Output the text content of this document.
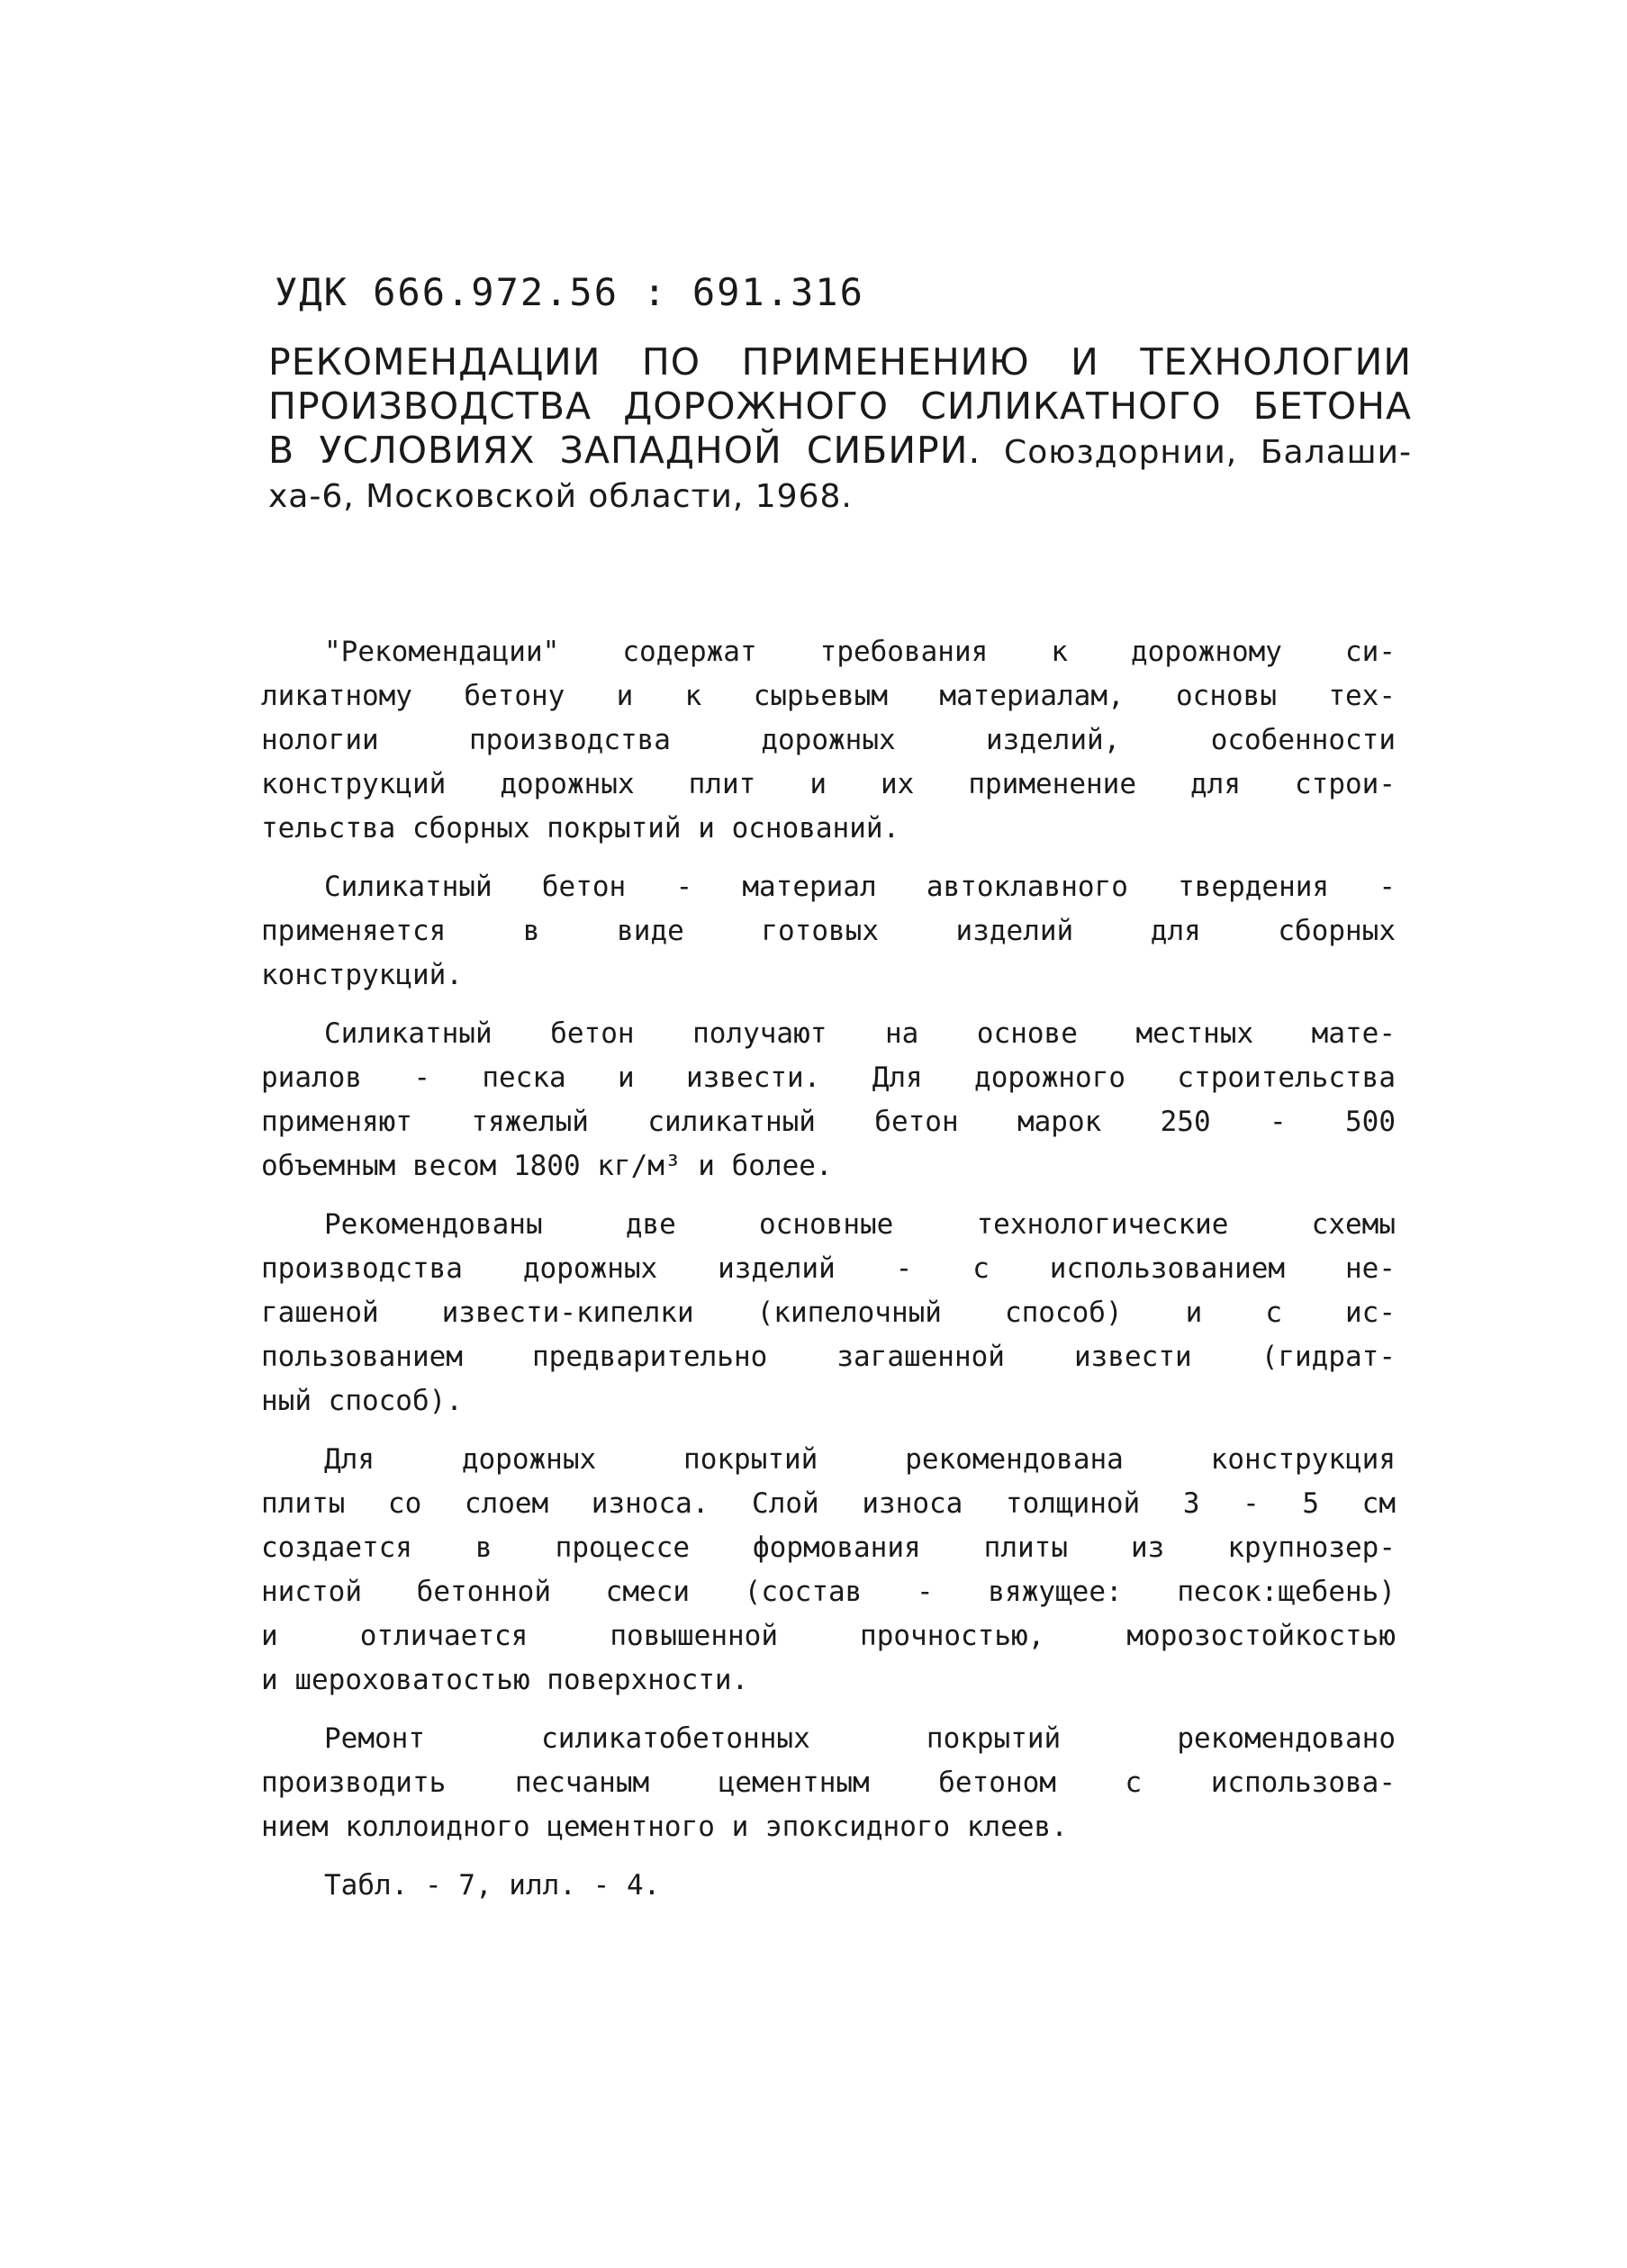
УДК 666.972.56 : 691.316
РЕКОМЕНДАЦИИ ПО ПРИМЕНЕНИЮ И ТЕХНОЛОГИИ
ПРОИЗВОДСТВА ДОРОЖНОГО СИЛИКАТНОГО БЕТОНА
В УСЛОВИЯХ ЗАПАДНОЙ СИБИРИ. Союздорнии, Балаши-
ха-6, Московской области, 1968.
"Рекомендации" содержат требования к дорожному си-
ликатному бетону и к сырьевым материалам, основы тех-
нологии производства дорожных изделий, особенности
конструкций дорожных плит и их применение для строи-
тельства сборных покрытий и оснований.
Силикатный бетон - материал автоклавного твердения -
применяется в виде готовых изделий для сборных
конструкций.
Силикатный бетон получают на основе местных мате-
риалов - песка и извести. Для дорожного строительства
применяют тяжелый силикатный бетон марок 250 - 500
объемным весом 1800 кг/м³ и более.
Рекомендованы две основные технологические схемы
производства дорожных изделий - с использованием не-
гашеной извести-кипелки (кипелочный способ) и с ис-
пользованием предварительно загашенной извести (гидрат-
ный способ).
Для дорожных покрытий рекомендована конструкция
плиты со слоем износа. Слой износа толщиной 3 - 5 см
создается в процессе формования плиты из крупнозер-
нистой бетонной смеси (состав - вяжущее: песок:щебень)
и отличается повышенной прочностью, морозостойкостью
и шероховатостью поверхности.
Ремонт силикатобетонных покрытий рекомендовано
производить песчаным цементным бетоном с использова-
нием коллоидного цементного и эпоксидного клеев.
Табл. - 7, илл. - 4.
